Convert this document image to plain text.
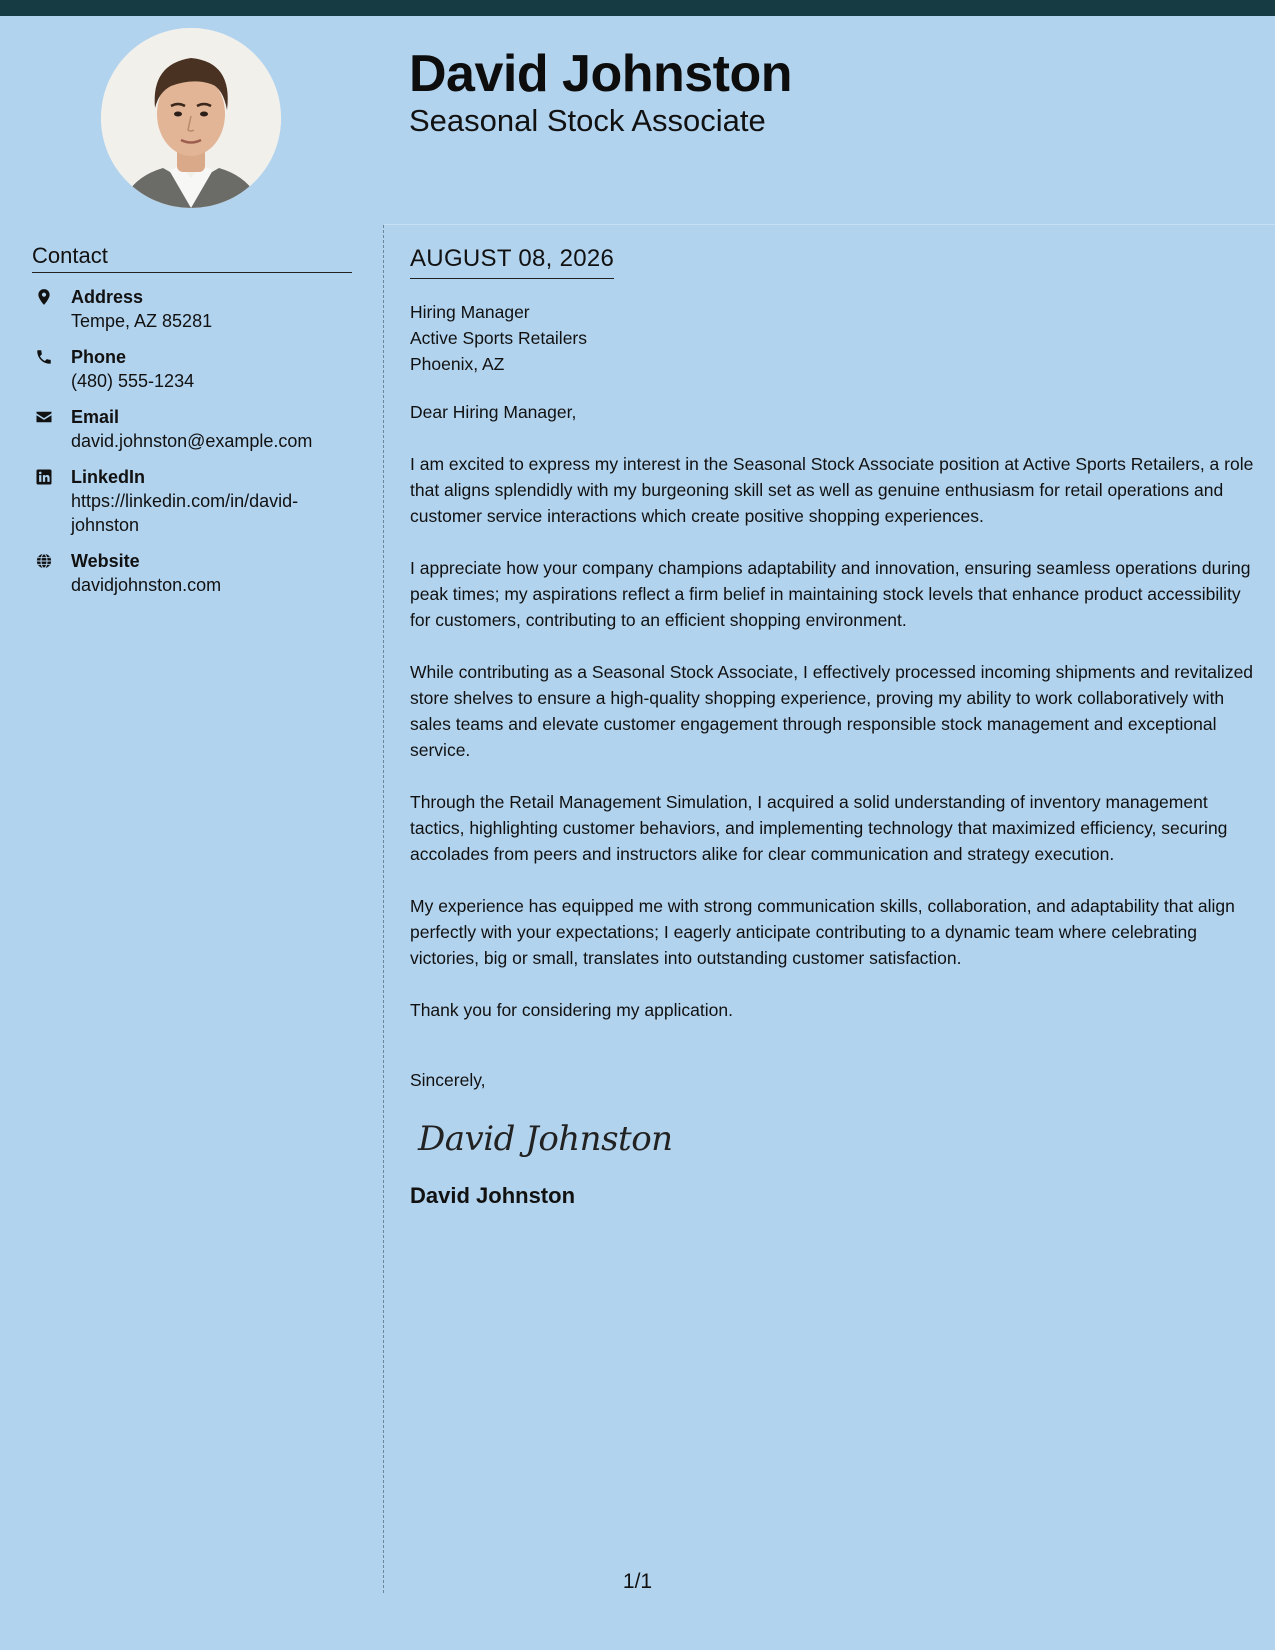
David Johnston
Seasonal Stock Associate
Contact
Address
Tempe, AZ 85281
Phone
(480) 555-1234
Email
david.johnston@example.com
LinkedIn
https://linkedin.com/in/david-johnston
Website
davidjohnston.com
AUGUST 08, 2026
Hiring Manager
Active Sports Retailers
Phoenix, AZ
Dear Hiring Manager,

I am excited to express my interest in the Seasonal Stock Associate position at Active Sports Retailers, a role that aligns splendidly with my burgeoning skill set as well as genuine enthusiasm for retail operations and customer service interactions which create positive shopping experiences.

I appreciate how your company champions adaptability and innovation, ensuring seamless operations during peak times; my aspirations reflect a firm belief in maintaining stock levels that enhance product accessibility for customers, contributing to an efficient shopping environment.

While contributing as a Seasonal Stock Associate, I effectively processed incoming shipments and revitalized store shelves to ensure a high-quality shopping experience, proving my ability to work collaboratively with sales teams and elevate customer engagement through responsible stock management and exceptional service.

Through the Retail Management Simulation, I acquired a solid understanding of inventory management tactics, highlighting customer behaviors, and implementing technology that maximized efficiency, securing accolades from peers and instructors alike for clear communication and strategy execution.

My experience has equipped me with strong communication skills, collaboration, and adaptability that align perfectly with your expectations; I eagerly anticipate contributing to a dynamic team where celebrating victories, big or small, translates into outstanding customer satisfaction.

Thank you for considering my application.

Sincerely,
David Johnston
David Johnston
1/1
